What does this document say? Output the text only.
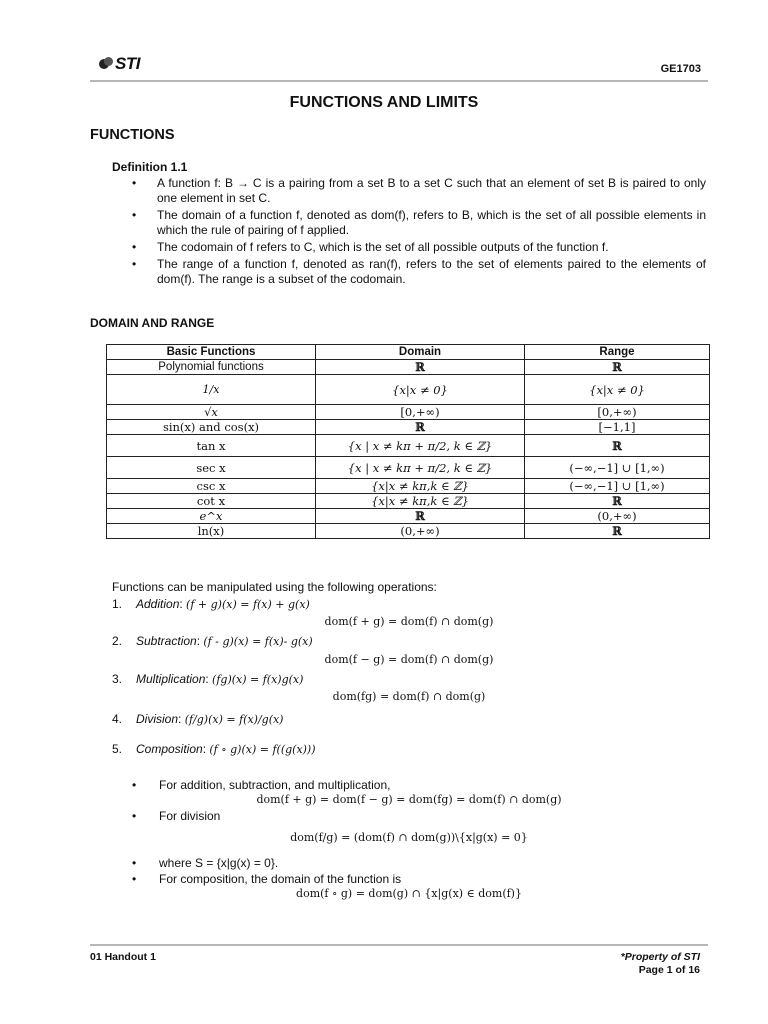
STI	GE1703
FUNCTIONS AND LIMITS
FUNCTIONS
Definition 1.1
• A function f: B → C is a pairing from a set B to a set C such that an element of set B is paired to only one element in set C.
• The domain of a function f, denoted as dom(f), refers to B, which is the set of all possible elements in which the rule of pairing of f applied.
• The codomain of f refers to C, which is the set of all possible outputs of the function f.
• The range of a function f, denoted as ran(f), refers to the set of elements paired to the elements of dom(f). The range is a subset of the codomain.
DOMAIN AND RANGE
Basic Functions	Domain	Range
Polynomial functions	ℝ	ℝ
1/x	{x|x ≠ 0}	{x|x ≠ 0}
√x	[0,+∞)	[0,+∞)
sin(x) and cos(x)	ℝ	[−1,1]
tan x	{x | x ≠ kπ + π/2, k ∈ ℤ}	ℝ
sec x	{x | x ≠ kπ + π/2, k ∈ ℤ}	(−∞,−1] ∪ [1,∞)
csc x	{x|x ≠ kπ,k ∈ ℤ}	(−∞,−1] ∪ [1,∞)
cot x	{x|x ≠ kπ,k ∈ ℤ}	ℝ
e^x	ℝ	(0,+∞)
ln(x)	(0,+∞)	ℝ
Functions can be manipulated using the following operations:
1. Addition: (f + g)(x) = f(x) + g(x)
dom(f + g) = dom(f) ∩ dom(g)
2. Subtraction: (f - g)(x) = f(x)- g(x)
dom(f − g) = dom(f) ∩ dom(g)
3. Multiplication: (fg)(x) = f(x)g(x)
dom(fg) = dom(f) ∩ dom(g)
4. Division: (f/g)(x) = f(x)/g(x)
5. Composition: (f ∘ g)(x) = f((g(x)))
• For addition, subtraction, and multiplication,
dom(f + g) = dom(f − g) = dom(fg) = dom(f) ∩ dom(g)
• For division
dom(f/g) = (dom(f) ∩ dom(g))\{x|g(x) = 0}
• where S = {x|g(x) = 0}.
• For composition, the domain of the function is
dom(f ∘ g) = dom(g) ∩ {x|g(x) ∈ dom(f)}
01 Handout 1	*Property of STI
Page 1 of 16
